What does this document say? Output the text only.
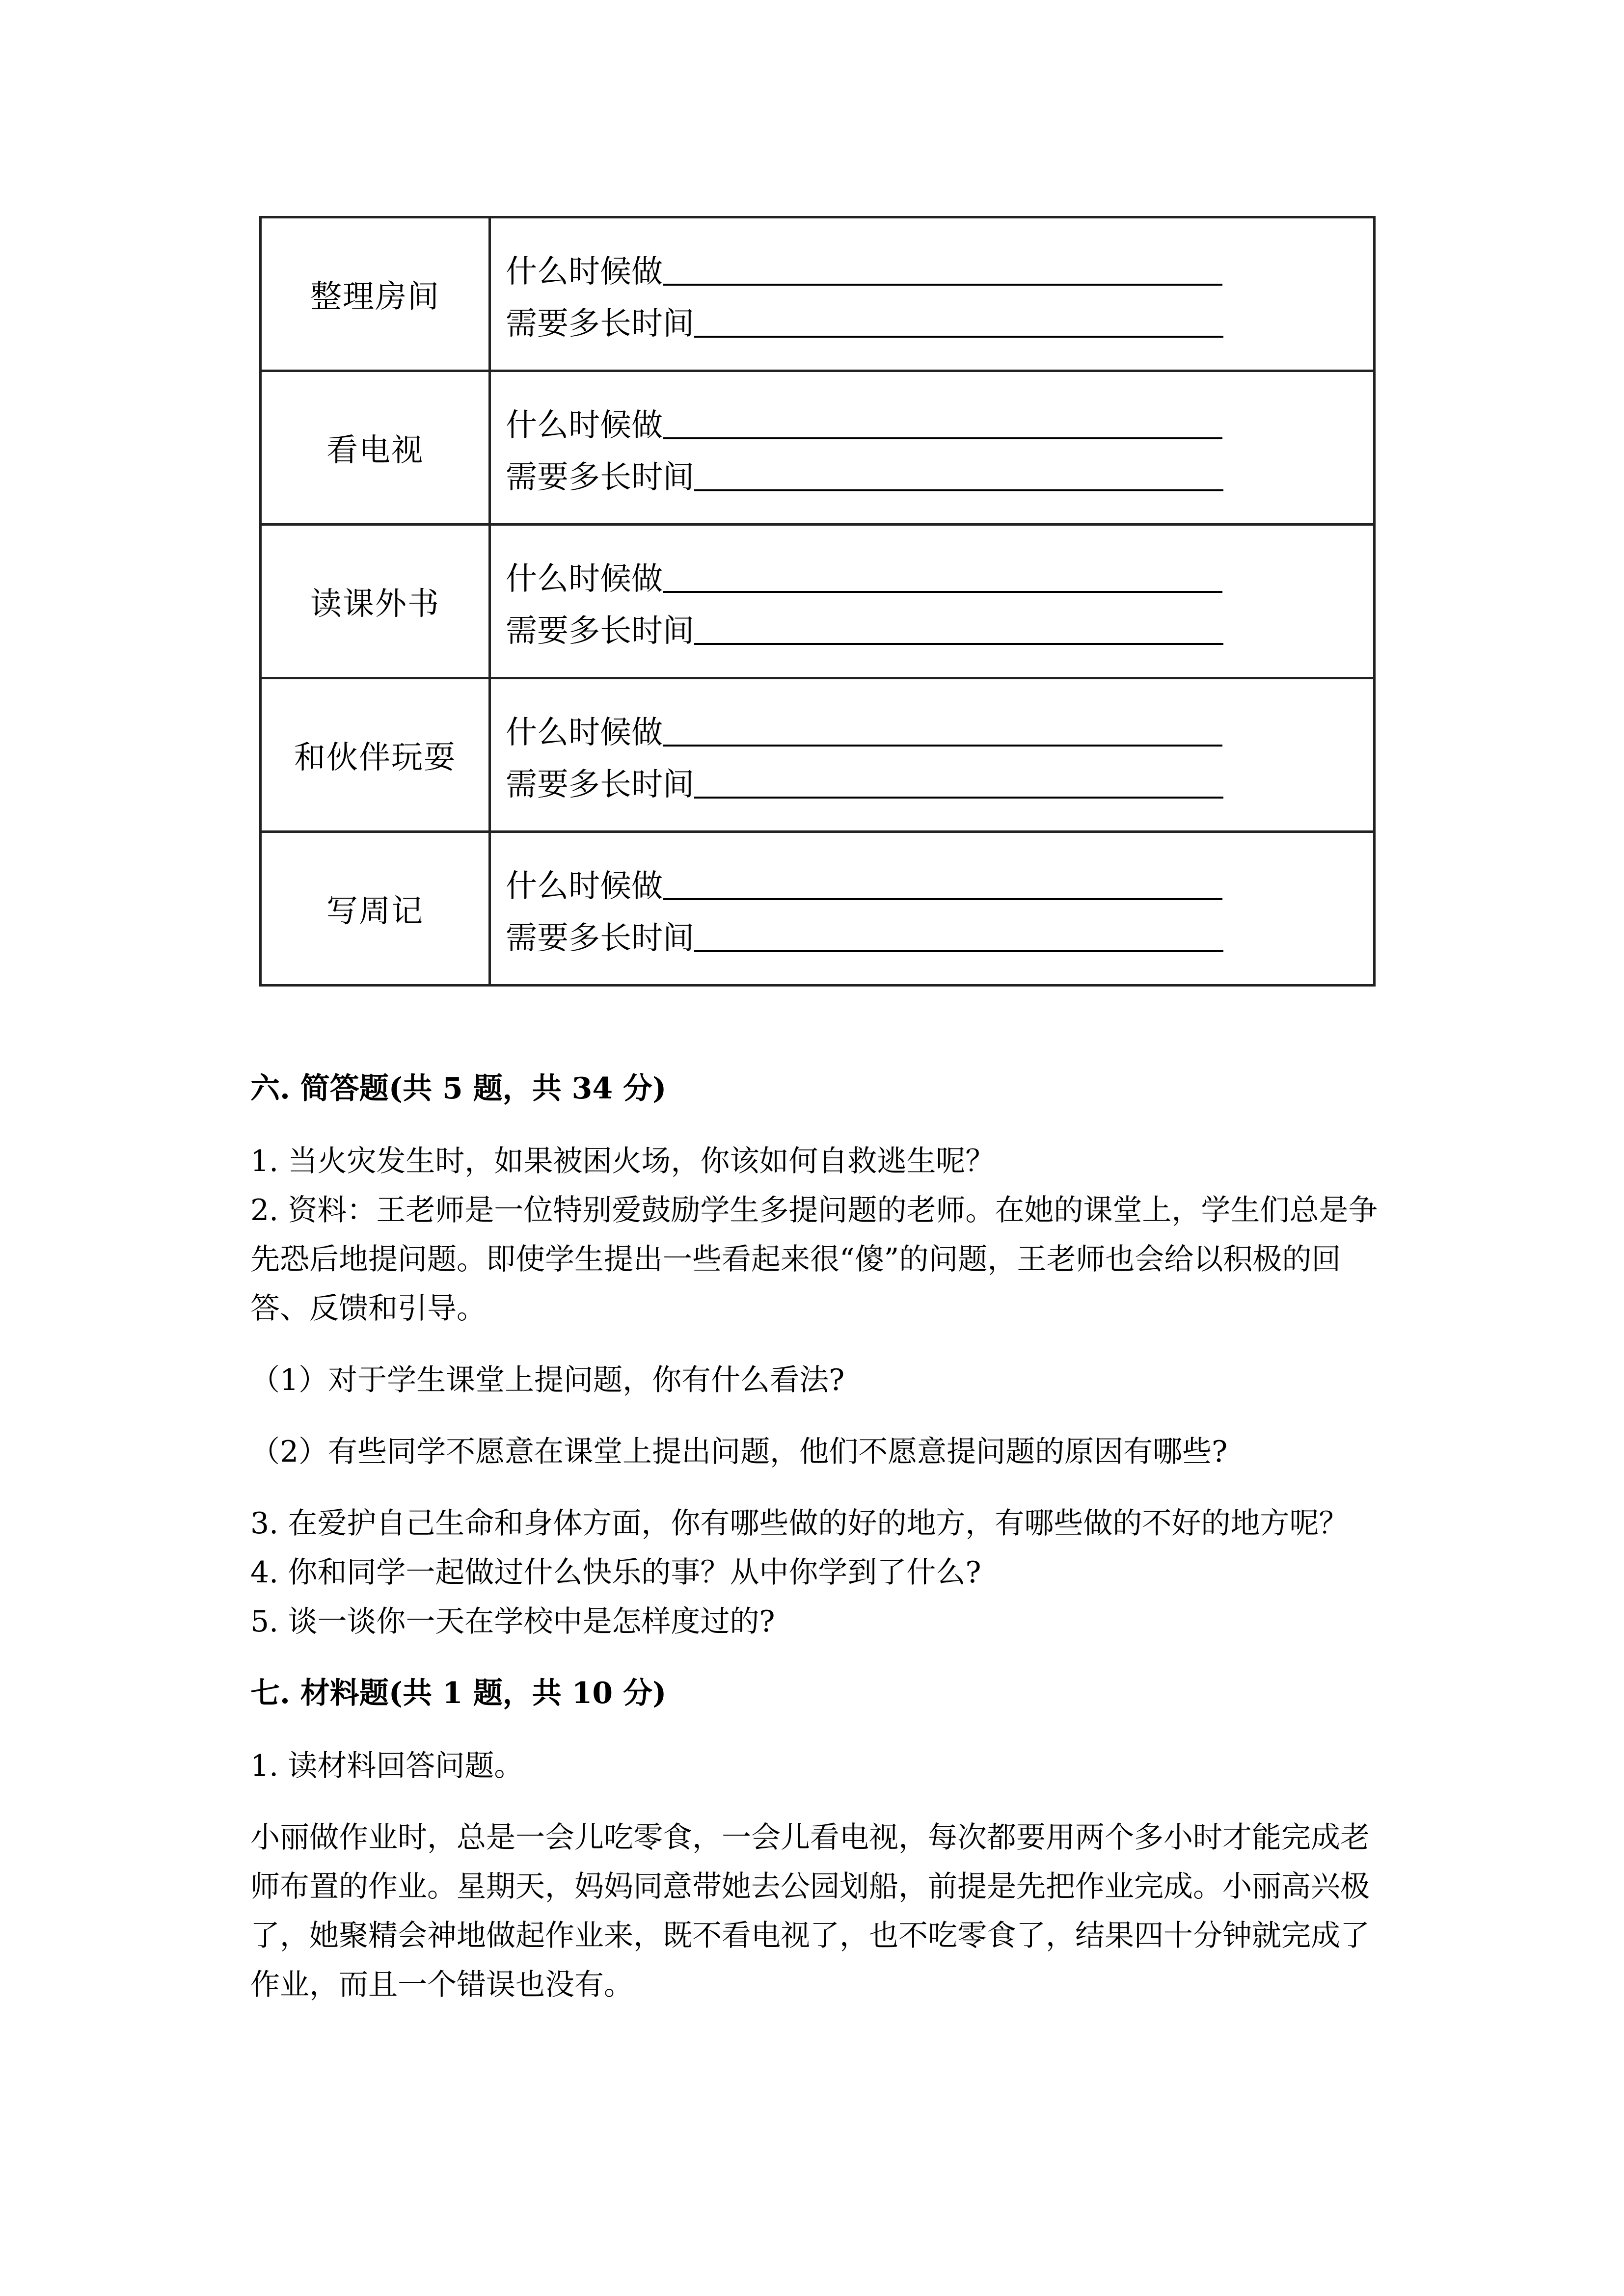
整理房间	什么时候做
需要多长时间

看电视	什么时候做
需要多长时间

读课外书	什么时候做
需要多长时间

和伙伴玩耍	什么时候做
需要多长时间

写周记	什么时候做
需要多长时间
六. 简答题(共 5 题，共 34 分)

1. 当火灾发生时，如果被困火场，你该如何自救逃生呢？

2. 资料：王老师是一位特别爱鼓励学生多提问题的老师。在她的课堂上，学生们总是争先恐后地提问题。即使学生提出一些看起来很“傻”的问题，王老师也会给以积极的回答、反馈和引导。

（1）对于学生课堂上提问题，你有什么看法?

（2）有些同学不愿意在课堂上提出问题，他们不愿意提问题的原因有哪些?

3. 在爱护自己生命和身体方面，你有哪些做的好的地方，有哪些做的不好的地方呢？

4. 你和同学一起做过什么快乐的事？从中你学到了什么?

5. 谈一谈你一天在学校中是怎样度过的?

七. 材料题(共 1 题，共 10 分)

1. 读材料回答问题。

小丽做作业时，总是一会儿吃零食，一会儿看电视，每次都要用两个多小时才能完成老师布置的作业。星期天，妈妈同意带她去公园划船，前提是先把作业完成。小丽高兴极了，她聚精会神地做起作业来，既不看电视了，也不吃零食了，结果四十分钟就完成了作业，而且一个错误也没有。
